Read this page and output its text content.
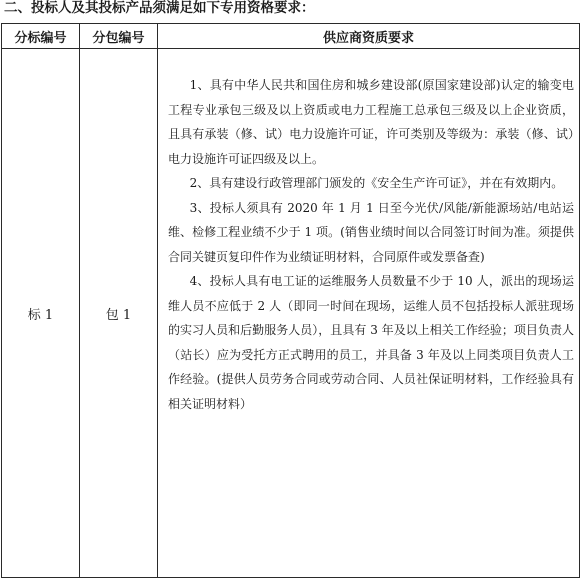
二、投标人及其投标产品须满足如下专用资格要求：
分标编号	分包编号	供应商资质要求
标 1	包 1	1、具有中华人民共和国住房和城乡建设部(原国家建设部)认定的输变电工程专业承包三级及以上资质或电力工程施工总承包三级及以上企业资质，且具有承装（修、试）电力设施许可证，许可类别及等级为：承装（修、试）电力设施许可证四级及以上。

2、具有建设行政管理部门颁发的《安全生产许可证》，并在有效期内。

3、投标人须具有 2020 年 1 月 1 日至今光伏/风能/新能源场站/电站运维、检修工程业绩不少于 1 项。(销售业绩时间以合同签订时间为准。须提供合同关键页复印件作为业绩证明材料，合同原件或发票备查)

4、投标人具有电工证的运维服务人员数量不少于 10 人，派出的现场运维人员不应低于 2 人（即同一时间在现场，运维人员不包括投标人派驻现场的实习人员和后勤服务人员），且具有 3 年及以上相关工作经验；项目负责人（站长）应为受托方正式聘用的员工，并具备 3 年及以上同类项目负责人工作经验。(提供人员劳务合同或劳动合同、人员社保证明材料，工作经验具有相关证明材料）
